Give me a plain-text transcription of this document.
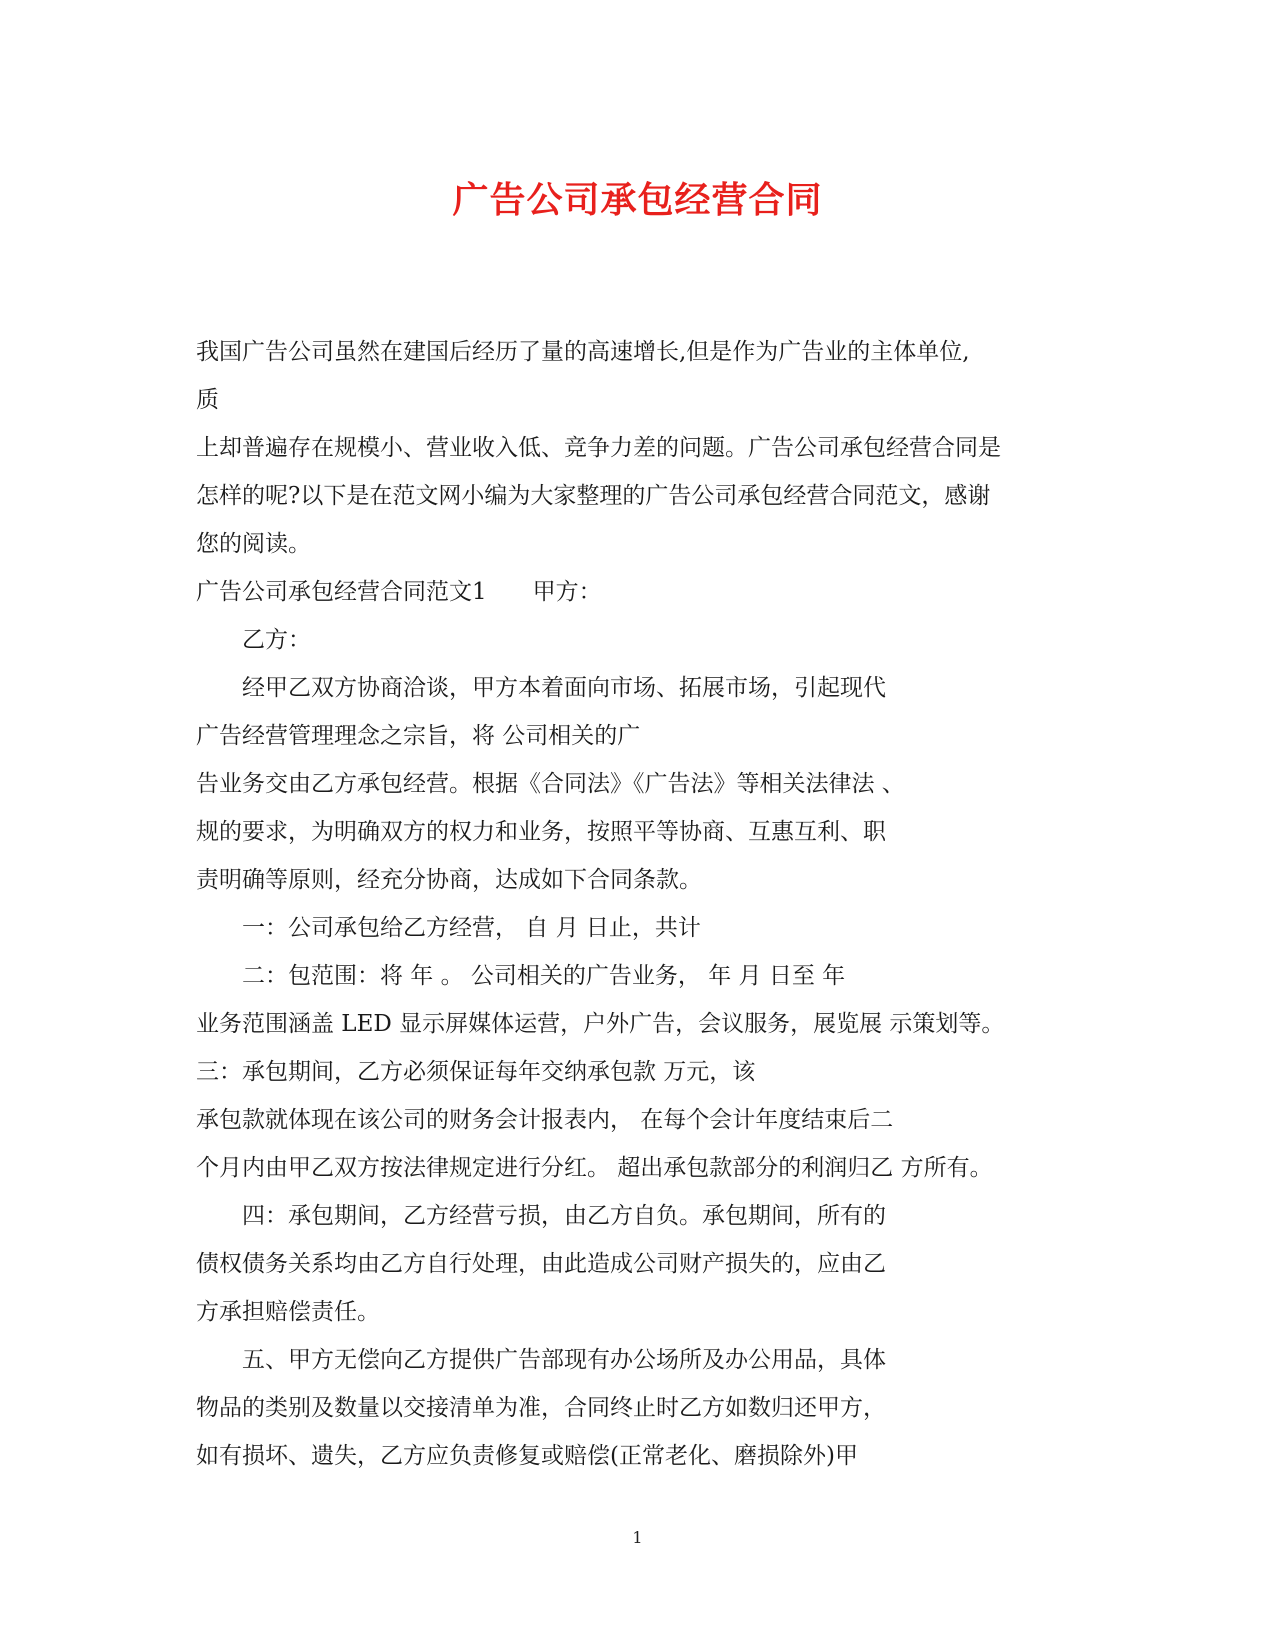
广告公司承包经营合同
我国广告公司虽然在建国后经历了量的高速增长,但是作为广告业的主体单位,
质
上却普遍存在规模小、营业收入低、竞争力差的问题。广告公司承包经营合同是
怎样的呢?以下是在范文网小编为大家整理的广告公司承包经营合同范文，感谢
您的阅读。
广告公司承包经营合同范文1　　甲方：
　　乙方：
　　经甲乙双方协商洽谈，甲方本着面向市场、拓展市场，引起现代
广告经营管理理念之宗旨，将 公司相关的广
告业务交由乙方承包经营。根据《合同法》《广告法》等相关法律法 、
规的要求，为明确双方的权力和业务，按照平等协商、互惠互利、职
责明确等原则，经充分协商，达成如下合同条款。
　　一：公司承包给乙方经营， 自 月 日止，共计
　　二：包范围：将 年 。 公司相关的广告业务， 年 月 日至 年
业务范围涵盖 LED 显示屏媒体运营，户外广告，会议服务，展览展 示策划等。
三：承包期间，乙方必须保证每年交纳承包款 万元，该
承包款就体现在该公司的财务会计报表内， 在每个会计年度结束后二
个月内由甲乙双方按法律规定进行分红。 超出承包款部分的利润归乙 方所有。
　　四：承包期间，乙方经营亏损，由乙方自负。承包期间，所有的
债权债务关系均由乙方自行处理，由此造成公司财产损失的，应由乙
方承担赔偿责任。
　　五、甲方无偿向乙方提供广告部现有办公场所及办公用品，具体
物品的类别及数量以交接清单为准，合同终止时乙方如数归还甲方，
如有损坏、遗失，乙方应负责修复或赔偿(正常老化、磨损除外)甲
1
